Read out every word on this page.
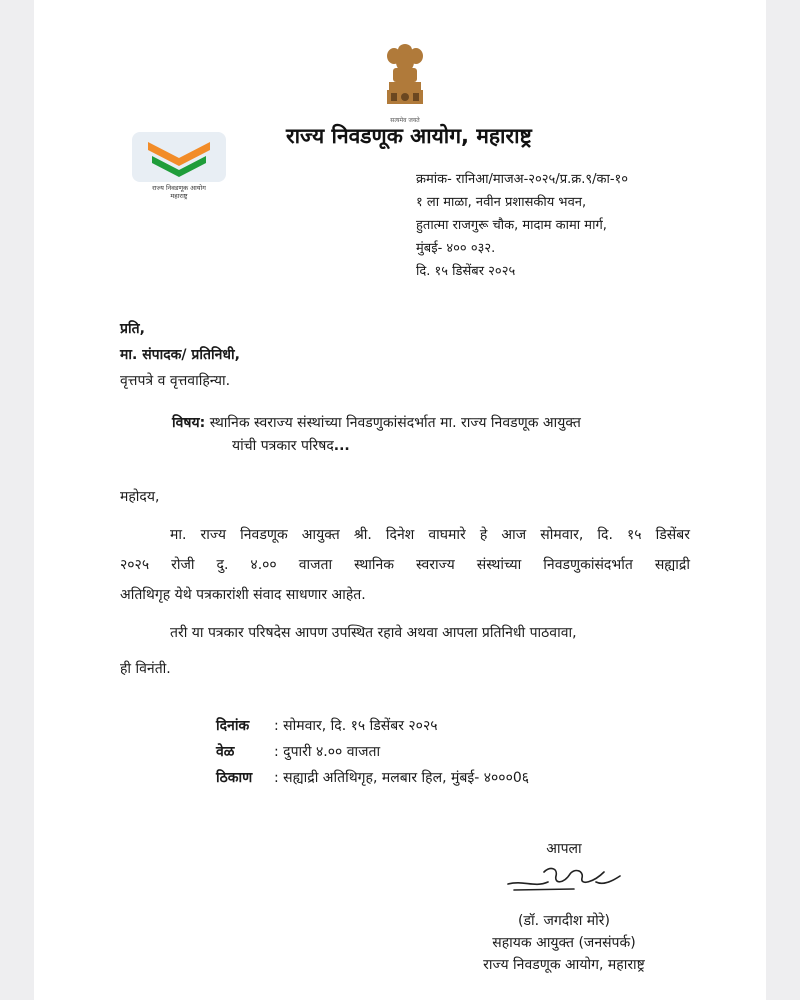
सत्यमेव जयते
राज्य निवडणूक आयोग
महाराष्ट्र
राज्य निवडणूक आयोग, महाराष्ट्र
क्रमांक- रानिआ/माजअ-२०२५/प्र.क्र.९/का-१०
१ ला माळा, नवीन प्रशासकीय भवन,
हुतात्मा राजगुरू चौक, मादाम कामा मार्ग,
मुंबई- ४०० ०३२.
दि. १५ डिसेंबर २०२५
प्रति,
मा. संपादक/ प्रतिनिधी,
वृत्तपत्रे व वृत्तवाहिन्या.
विषय: स्थानिक स्वराज्य संस्थांच्या निवडणुकांसंदर्भात मा. राज्य निवडणूक आयुक्त
यांची पत्रकार परिषद...

महोदय,

मा. राज्य निवडणूक आयुक्त श्री. दिनेश वाघमारे हे आज सोमवार, दि. १५ डिसेंबर

२०२५ रोजी दु. ४.०० वाजता स्थानिक स्वराज्य संस्थांच्या निवडणुकांसंदर्भात सह्याद्री

अतिथिगृह येथे पत्रकारांशी संवाद साधणार आहेत.

तरी या पत्रकार परिषदेस आपण उपस्थित रहावे अथवा आपला प्रतिनिधी पाठवावा,

ही विनंती.

दिनांक : सोमवार, दि. १५ डिसेंबर २०२५
वेळ	: दुपारी ४.०० वाजता
ठिकाण : सह्याद्री अतिथिगृह, मलबार हिल, मुंबई- ४०००0६
आपला
(डॉ. जगदीश मोरे)
सहायक आयुक्त (जनसंपर्क)
राज्य निवडणूक आयोग, महाराष्ट्र
